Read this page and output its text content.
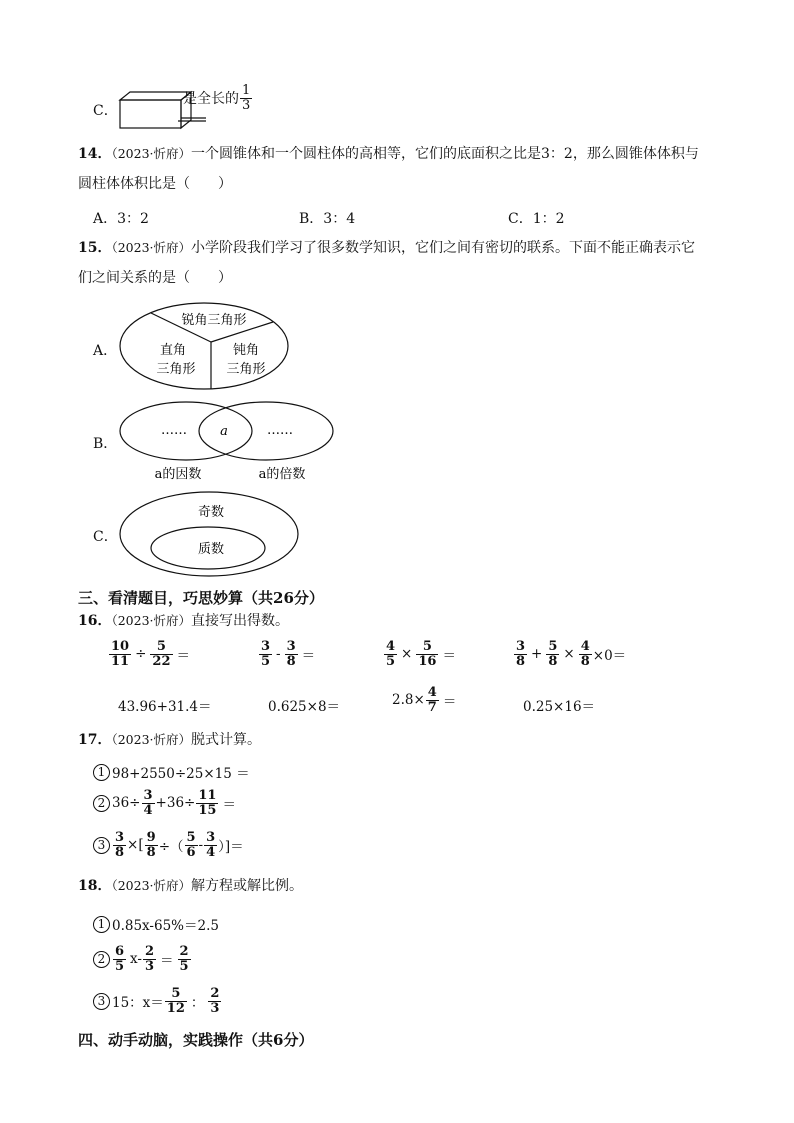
C．
是全长的 $\frac{1}{3}$
14．（2023·忻府）一个圆锥体和一个圆柱体的高相等，它们的底面积之比是3：2，那么圆锥体体积与
圆柱体体积比是（　　）
A．3：2	B．3：4	C．1：2
15．（2023·忻府）小学阶段我们学习了很多数学知识，它们之间有密切的联系。下面不能正确表示它
们之间关系的是（　　）
A．
锐角三角形
直角
三角形
钝角
三角形
B．
……	a	……
a的因数	a的倍数
C．
奇数
质数
三、看清题目，巧思妙算（共26分）
16．（2023·忻府）直接写出得数。
$\frac{10}{11} \div \frac{5}{22}$ ＝	$\frac{3}{5} - \frac{3}{8}$ ＝	$\frac{4}{5} \times \frac{5}{16}$ ＝	$\frac{3}{8} + \frac{5}{8} \times \frac{4}{8} \times 0=$
43.96+31.4＝	0.625×8＝	$2.8\times \frac{4}{7}$ ＝	0.25×16＝
17．（2023·忻府）脱式计算。
1 98+2550÷25×15 ＝
2 $36\div \frac{3}{4} +36\div \frac{11}{15}$ ＝
$3 \frac{3}{8}$ ×[ $\frac{9}{8}$ ÷（ $\frac{5}{6} - \frac{3}{4}$ ）]＝
18．（2023·忻府）解方程或解比例。
1 0.85x-65%＝2.5
$2 \frac{6}{5} x- \frac{2}{3} = \frac{2}{5}$
3 15：$x= \frac{5}{12}$ ： $\frac{2}{3}$
四、动手动脑，实践操作（共6分）
